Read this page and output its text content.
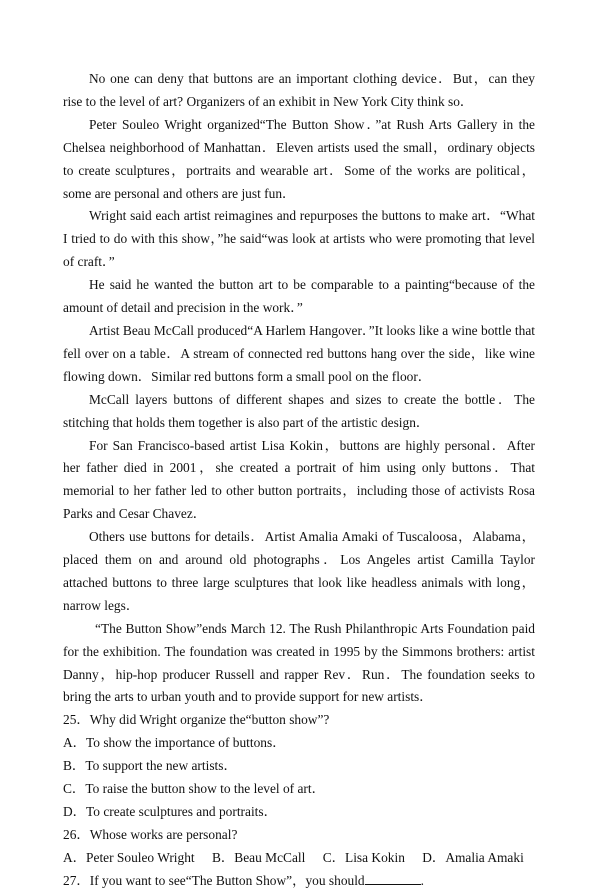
No one can deny that buttons are an important clothing device．But，can they rise to the level of art? Organizers of an exhibit in New York City think so．

Peter Souleo Wright organized“The Button Show．”at Rush Arts Gallery in the Chelsea neighborhood of Manhattan．Eleven artists used the small，ordinary objects to create sculptures，portraits and wearable art．Some of the works are political，some are personal and others are just fun．

Wright said each artist reimagines and repurposes the buttons to make art．“What I tried to do with this show，”he said“was look at artists who were promoting that level of craft．”

He said he wanted the button art to be comparable to a painting“because of the amount of detail and precision in the work．”

Artist Beau McCall produced“A Harlem Hangover．”It looks like a wine bottle that fell over on a table．A stream of connected red buttons hang over the side，like wine flowing down．Similar red buttons form a small pool on the floor．

McCall layers buttons of different shapes and sizes to create the bottle．The stitching that holds them together is also part of the artistic design．

For San Francisco-based artist Lisa Kokin，buttons are highly personal．After her father died in 2001，she created a portrait of him using only buttons．That memorial to her father led to other button portraits，including those of activists Rosa Parks and Cesar Chavez．

Others use buttons for details．Artist Amalia Amaki of Tuscaloosa，Alabama，placed them on and around old photographs．Los Angeles artist Camilla Taylor attached buttons to three large sculptures that look like headless animals with long，narrow legs．

“The Button Show”ends March 12. The Rush Philanthropic Arts Foundation paid for the exhibition. The foundation was created in 1995 by the Simmons brothers: artist Danny，hip-hop producer Russell and rapper Rev．Run．The foundation seeks to bring the arts to urban youth and to provide support for new artists．

25．Why did Wright organize the“button show”?

A．To show the importance of buttons．

B．To support the new artists．

C．To raise the button show to the level of art．

D．To create sculptures and portraits．

26．Whose works are personal?

A．Peter Souleo Wright B．Beau McCall C．Lisa Kokin D．Amalia Amaki

27．If you want to see“The Button Show”，you should	.
